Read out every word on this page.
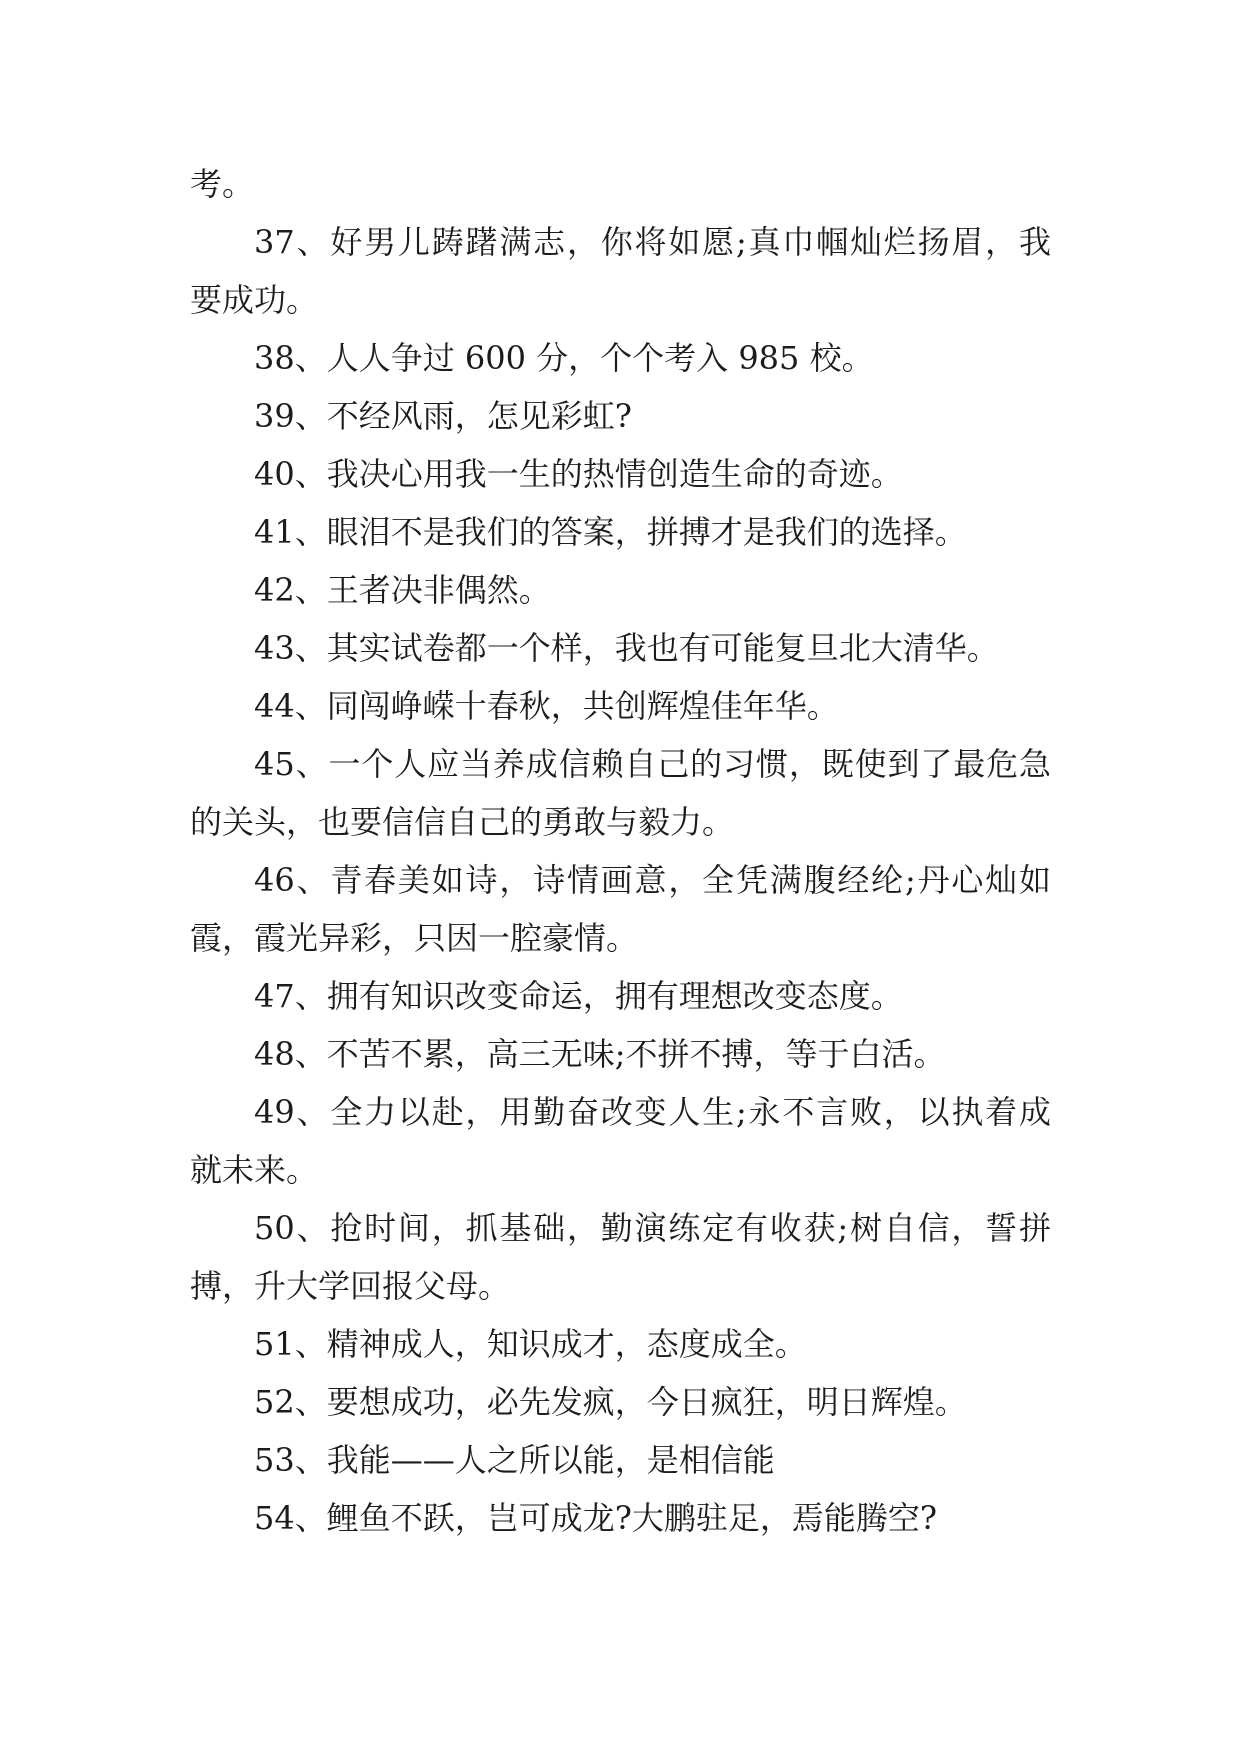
考。
37、好男儿踌躇满志，你将如愿;真巾帼灿烂扬眉，我
要成功。
38、人人争过 600 分，个个考入 985 校。
39、不经风雨，怎见彩虹?
40、我决心用我一生的热情创造生命的奇迹。
41、眼泪不是我们的答案，拼搏才是我们的选择。
42、王者决非偶然。
43、其实试卷都一个样，我也有可能复旦北大清华。
44、同闯峥嵘十春秋，共创辉煌佳年华。
45、一个人应当养成信赖自己的习惯，既使到了最危急
的关头，也要信信自己的勇敢与毅力。
46、青春美如诗，诗情画意，全凭满腹经纶;丹心灿如
霞，霞光异彩，只因一腔豪情。
47、拥有知识改变命运，拥有理想改变态度。
48、不苦不累，高三无味;不拼不搏，等于白活。
49、全力以赴，用勤奋改变人生;永不言败，以执着成
就未来。
50、抢时间，抓基础，勤演练定有收获;树自信，誓拼
搏，升大学回报父母。
51、精神成人，知识成才，态度成全。
52、要想成功，必先发疯，今日疯狂，明日辉煌。
53、我能——人之所以能，是相信能
54、鲤鱼不跃，岂可成龙?大鹏驻足，焉能腾空?
